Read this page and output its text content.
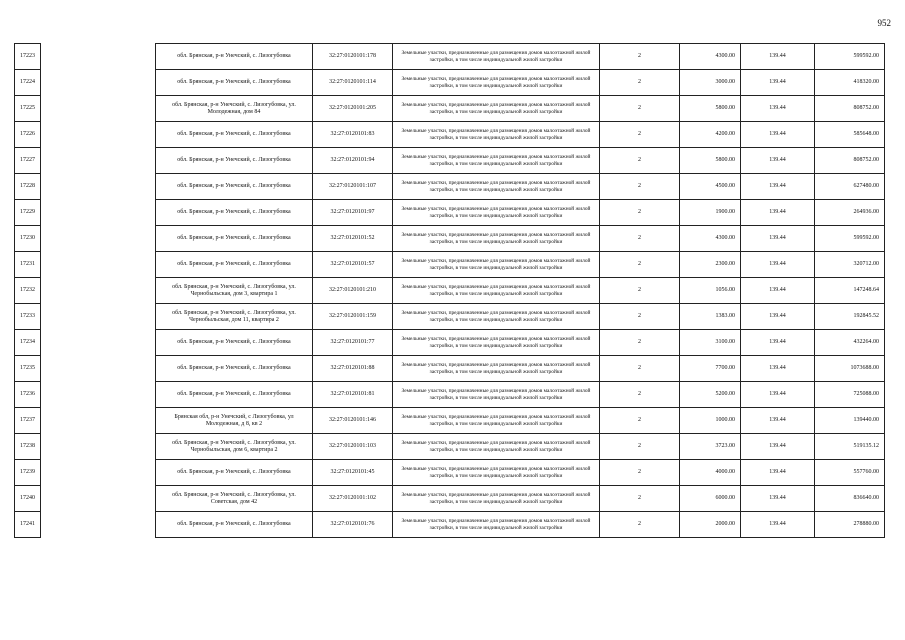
952
17223		обл. Брянская, р-н Унечский, с. Лизогубовка	32:27:0120101:178	Земельные участки, предназначенные для размещения домов малоэтажной жилой застройки, в том числе индивидуальной жилой застройки	2	4300.00	139.44	599592.00
17224		обл. Брянская, р-н Унечский, с. Лизогубовка	32:27:0120101:114	Земельные участки, предназначенные для размещения домов малоэтажной жилой застройки, в том числе индивидуальной жилой застройки	2	3000.00	139.44	418320.00
17225		обл. Брянская, р-н Унечский, с. Лизогубовка, ул. Молодежная, дом 84	32:27:0120101:205	Земельные участки, предназначенные для размещения домов малоэтажной жилой застройки, в том числе индивидуальной жилой застройки	2	5800.00	139.44	808752.00
17226		обл. Брянская, р-н Унечский, с. Лизогубовка	32:27:0120101:83	Земельные участки, предназначенные для размещения домов малоэтажной жилой застройки, в том числе индивидуальной жилой застройки	2	4200.00	139.44	585648.00
17227		обл. Брянская, р-н Унечский, с. Лизогубовка	32:27:0120101:94	Земельные участки, предназначенные для размещения домов малоэтажной жилой застройки, в том числе индивидуальной жилой застройки	2	5800.00	139.44	808752.00
17228		обл. Брянская, р-н Унечский, с. Лизогубовка	32:27:0120101:107	Земельные участки, предназначенные для размещения домов малоэтажной жилой застройки, в том числе индивидуальной жилой застройки	2	4500.00	139.44	627480.00
17229		обл. Брянская, р-н Унечский, с. Лизогубовка	32:27:0120101:97	Земельные участки, предназначенные для размещения домов малоэтажной жилой застройки, в том числе индивидуальной жилой застройки	2	1900.00	139.44	264936.00
17230		обл. Брянская, р-н Унечский, с. Лизогубовка	32:27:0120101:52	Земельные участки, предназначенные для размещения домов малоэтажной жилой застройки, в том числе индивидуальной жилой застройки	2	4300.00	139.44	599592.00
17231		обл. Брянская, р-н Унечский, с. Лизогубовка	32:27:0120101:57	Земельные участки, предназначенные для размещения домов малоэтажной жилой застройки, в том числе индивидуальной жилой застройки	2	2300.00	139.44	320712.00
17232		обл. Брянская, р-н Унечский, с. Лизогубовка, ул. Чернобыльская, дом 3, квартира 1	32:27:0120101:210	Земельные участки, предназначенные для размещения домов малоэтажной жилой застройки, в том числе индивидуальной жилой застройки	2	1056.00	139.44	147248.64
17233		обл. Брянская, р-н Унечский, с. Лизогубовка, ул. Чернобыльская, дом 11, квартира 2	32:27:0120101:159	Земельные участки, предназначенные для размещения домов малоэтажной жилой застройки, в том числе индивидуальной жилой застройки	2	1383.00	139.44	192845.52
17234		обл. Брянская, р-н Унечский, с. Лизогубовка	32:27:0120101:77	Земельные участки, предназначенные для размещения домов малоэтажной жилой застройки, в том числе индивидуальной жилой застройки	2	3100.00	139.44	432264.00
17235		обл. Брянская, р-н Унечский, с. Лизогубовка	32:27:0120101:88	Земельные участки, предназначенные для размещения домов малоэтажной жилой застройки, в том числе индивидуальной жилой застройки	2	7700.00	139.44	1073688.00
17236		обл. Брянская, р-н Унечский, с. Лизогубовка	32:27:0120101:81	Земельные участки, предназначенные для размещения домов малоэтажной жилой застройки, в том числе индивидуальной жилой застройки	2	5200.00	139.44	725088.00
17237		Брянская обл, р-н Унечский, с Лизогубовка, ул Молодежная, д 8, кв 2	32:27:0120101:146	Земельные участки, предназначенные для размещения домов малоэтажной жилой застройки, в том числе индивидуальной жилой застройки	2	1000.00	139.44	139440.00
17238		обл. Брянская, р-н Унечский, с. Лизогубовка, ул. Чернобыльская, дом 6, квартира 2	32:27:0120101:103	Земельные участки, предназначенные для размещения домов малоэтажной жилой застройки, в том числе индивидуальной жилой застройки	2	3723.00	139.44	519135.12
17239		обл. Брянская, р-н Унечский, с. Лизогубовка	32:27:0120101:45	Земельные участки, предназначенные для размещения домов малоэтажной жилой застройки, в том числе индивидуальной жилой застройки	2	4000.00	139.44	557760.00
17240		обл. Брянская, р-н Унечский, с. Лизогубовка, ул. Советская, дом 42	32:27:0120101:102	Земельные участки, предназначенные для размещения домов малоэтажной жилой застройки, в том числе индивидуальной жилой застройки	2	6000.00	139.44	836640.00
17241		обл. Брянская, р-н Унечский, с. Лизогубовка	32:27:0120101:76	Земельные участки, предназначенные для размещения домов малоэтажной жилой застройки, в том числе индивидуальной жилой застройки	2	2000.00	139.44	278880.00
